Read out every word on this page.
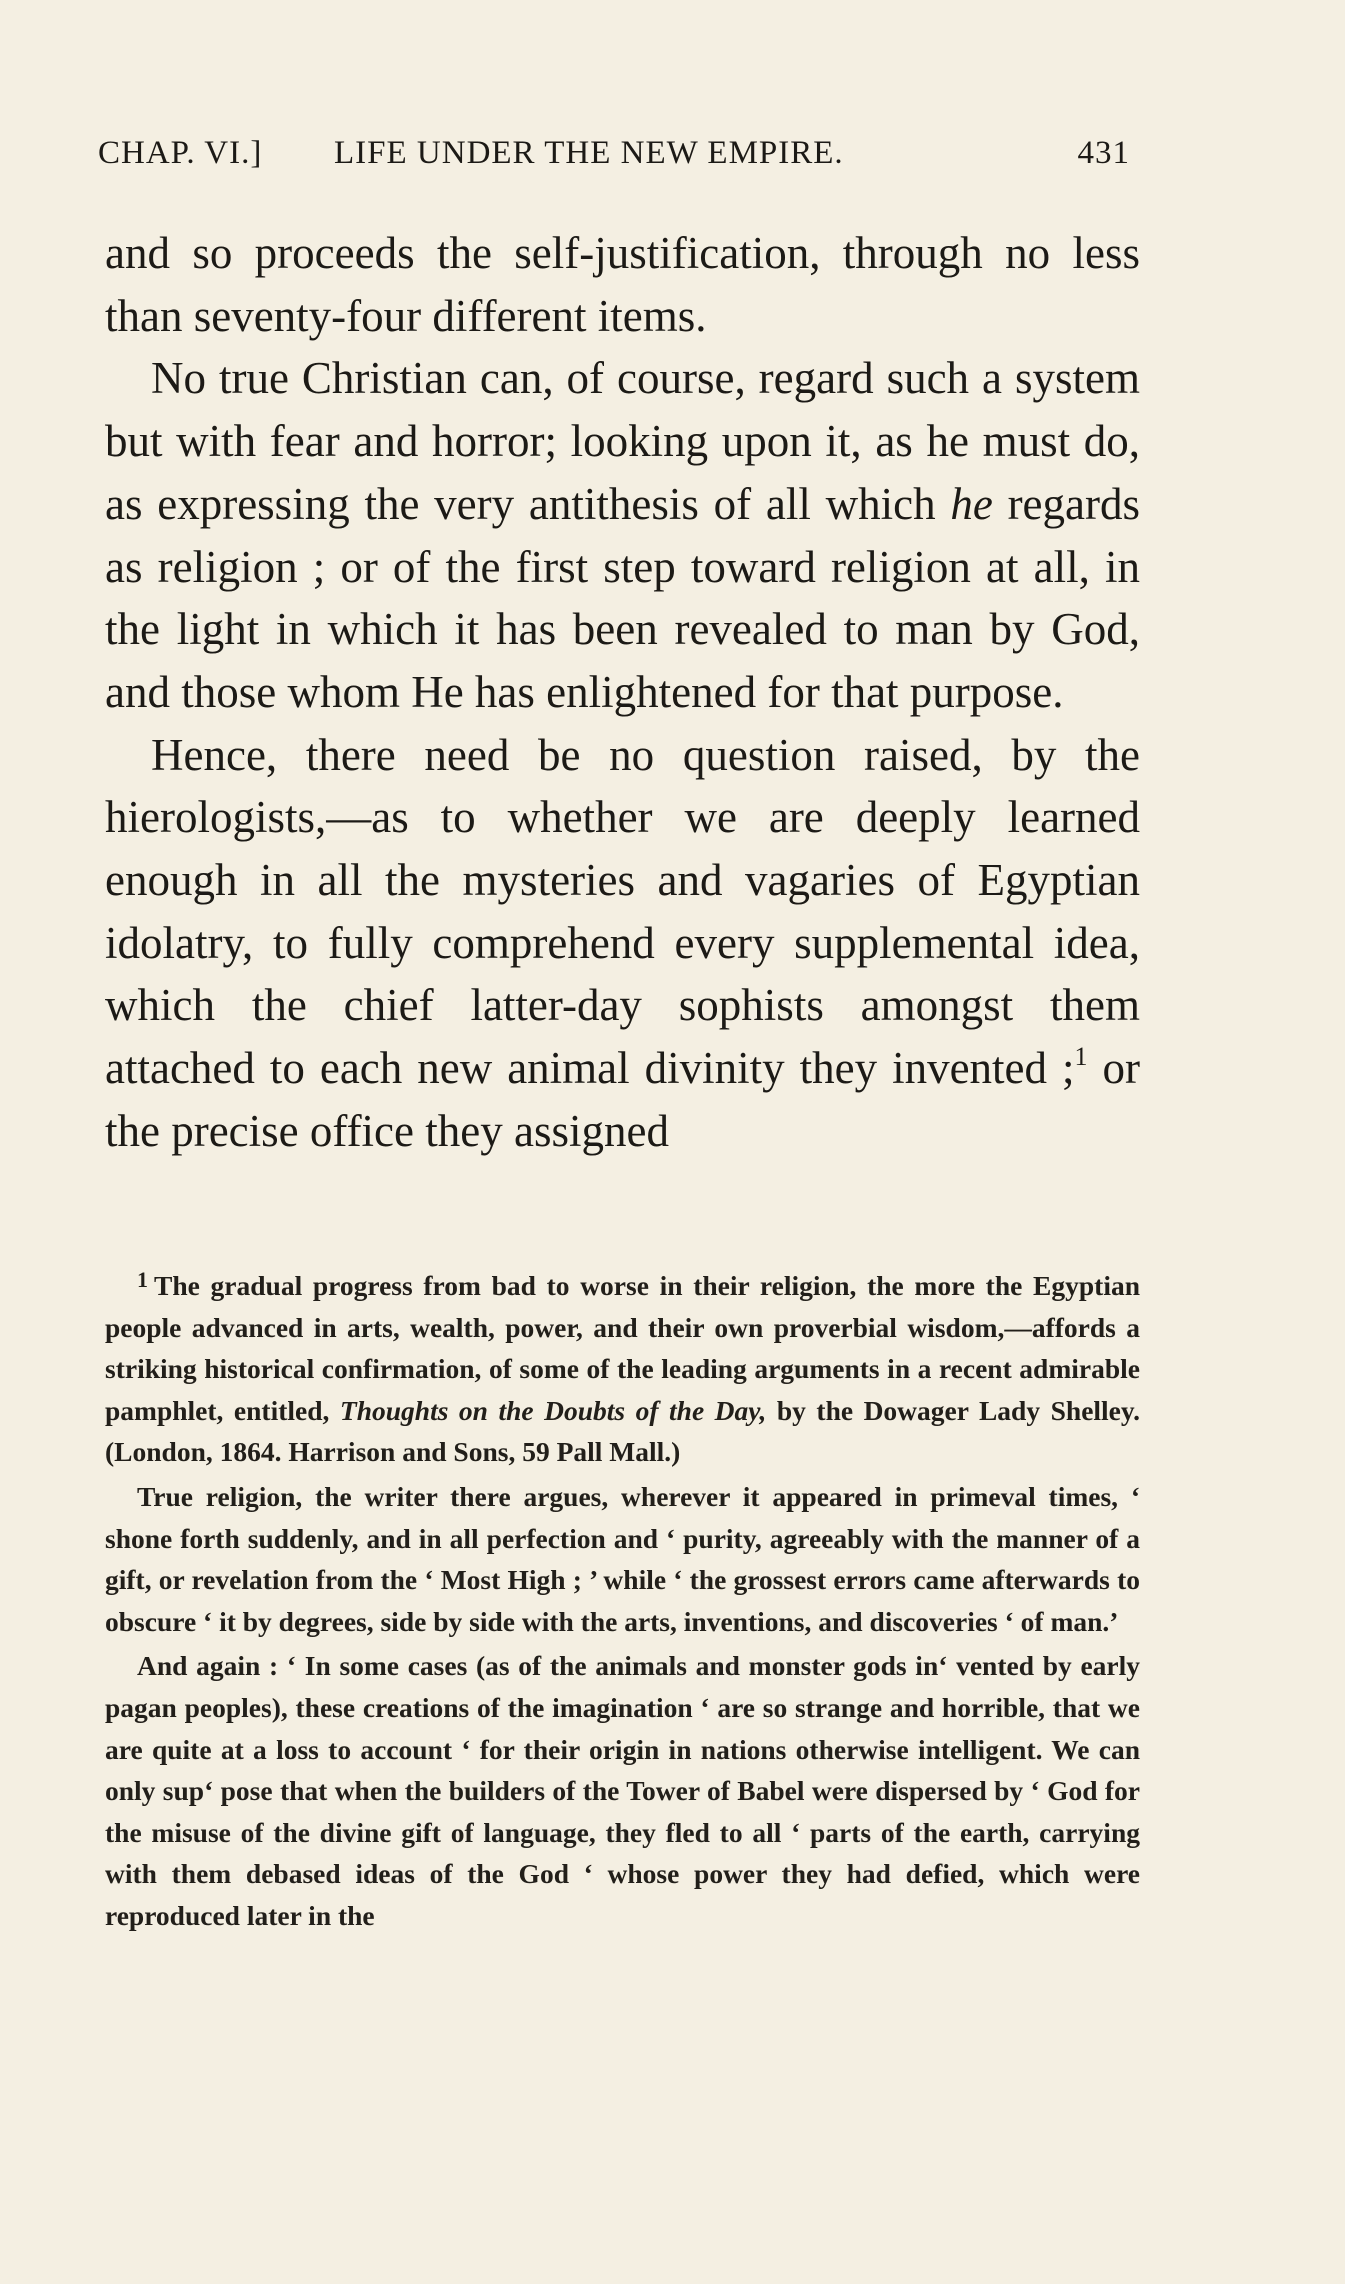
CHAP. VI.] LIFE UNDER THE NEW EMPIRE.	431

and so proceeds the self-justification, through no less than seventy-four different items.

No true Christian can, of course, regard such a system but with fear and horror; looking upon it, as he must do, as expressing the very antithesis of all which he regards as religion ; or of the first step toward religion at all, in the light in which it has been revealed to man by God, and those whom He has enlightened for that purpose.

Hence, there need be no question raised, by the hierologists,—as to whether we are deeply learned enough in all the mysteries and vagaries of Egyptian idolatry, to fully comprehend every supplemental idea, which the chief latter-day sophists amongst them attached to each new animal divinity they invented ;$^1$ or the precise office they assigned

$^1$ The gradual progress from bad to worse in their religion, the more the Egyptian people advanced in arts, wealth, power, and their own proverbial wisdom,—affords a striking historical confirmation, of some of the leading arguments in a recent admirable pamphlet, entitled, Thoughts on the Doubts of the Day, by the Dowager Lady Shelley. (London, 1864. Harrison and Sons, 59 Pall Mall.)

True religion, the writer there argues, wherever it appeared in primeval times, ‘ shone forth suddenly, and in all perfection and ‘ purity, agreeably with the manner of a gift, or revelation from the ‘ Most High ; ’ while ‘ the grossest errors came afterwards to obscure ‘ it by degrees, side by side with the arts, inventions, and discoveries ‘ of man.’

And again : ‘ In some cases (as of the animals and monster gods in‘ vented by early pagan peoples), these creations of the imagination ‘ are so strange and horrible, that we are quite at a loss to account ‘ for their origin in nations otherwise intelligent. We can only sup‘ pose that when the builders of the Tower of Babel were dispersed by ‘ God for the misuse of the divine gift of language, they fled to all ‘ parts of the earth, carrying with them debased ideas of the God ‘ whose power they had defied, which were reproduced later in the
